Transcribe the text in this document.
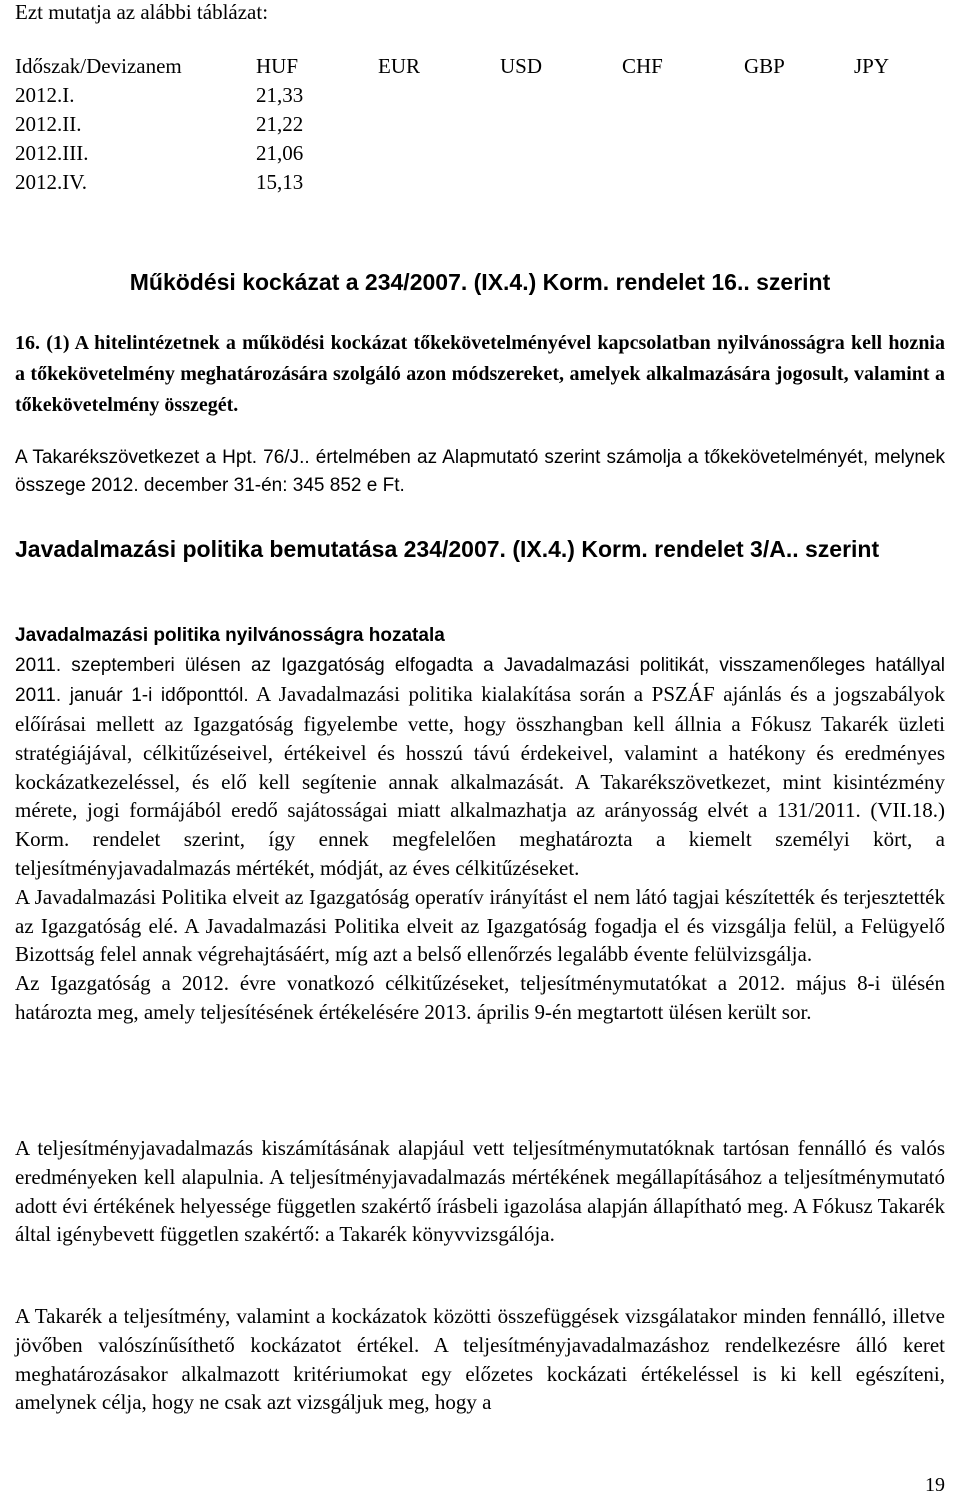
Ezt mutatja az alábbi táblázat:
Időszak/Devizanem	HUF	EUR	USD	CHF	GBP	JPY
2012.I.	21,33					
2012.II.	21,22					
2012.III.	21,06					
2012.IV.	15,13					
Működési kockázat a 234/2007. (IX.4.) Korm. rendelet 16.. szerint
16. (1) A hitelintézetnek a működési kockázat tőkekövetelményével kapcsolatban nyilvánosságra kell hoznia a tőkekövetelmény meghatározására szolgáló azon módszereket, amelyek alkalmazására jogosult, valamint a tőkekövetelmény összegét.
A Takarékszövetkezet a Hpt. 76/J.. értelmében az Alapmutató szerint számolja a tőkekövetelményét, melynek összege 2012. december 31-én: 345 852 e Ft.
Javadalmazási politika bemutatása 234/2007. (IX.4.) Korm. rendelet 3/A.. szerint
Javadalmazási politika nyilvánosságra hozatala
2011. szeptemberi ülésen az Igazgatóság elfogadta a Javadalmazási politikát, visszamenőleges hatállyal 2011. január 1-i időponttól. A Javadalmazási politika kialakítása során a PSZÁF ajánlás és a jogszabályok előírásai mellett az Igazgatóság figyelembe vette, hogy összhangban kell állnia a Fókusz Takarék üzleti stratégiájával, célkitűzéseivel, értékeivel és hosszú távú érdekeivel, valamint a hatékony és eredményes kockázatkezeléssel, és elő kell segítenie annak alkalmazását. A Takarékszövetkezet, mint kisintézmény mérete, jogi formájából eredő sajátosságai miatt alkalmazhatja az arányosság elvét a 131/2011. (VII.18.) Korm. rendelet szerint, így ennek megfelelően meghatározta a kiemelt személyi kört, a teljesítményjavadalmazás mértékét, módját, az éves célkitűzéseket.
A Javadalmazási Politika elveit az Igazgatóság operatív irányítást el nem látó tagjai készítették és terjesztették az Igazgatóság elé. A Javadalmazási Politika elveit az Igazgatóság fogadja el és vizsgálja felül, a Felügyelő Bizottság felel annak végrehajtásáért, míg azt a belső ellenőrzés legalább évente felülvizsgálja.
Az Igazgatóság a 2012. évre vonatkozó célkitűzéseket, teljesítménymutatókat a 2012. május 8-i ülésén határozta meg, amely teljesítésének értékelésére 2013. április 9-én megtartott ülésen került sor.
A teljesítményjavadalmazás kiszámításának alapjául vett teljesítménymutatóknak tartósan fennálló és valós eredményeken kell alapulnia. A teljesítményjavadalmazás mértékének megállapításához a teljesítménymutató adott évi értékének helyessége független szakértő írásbeli igazolása alapján állapítható meg. A Fókusz Takarék által igénybevett független szakértő: a Takarék könyvvizsgálója.
A Takarék a teljesítmény, valamint a kockázatok közötti összefüggések vizsgálatakor minden fennálló, illetve jövőben valószínűsíthető kockázatot értékel. A teljesítményjavadalmazáshoz rendelkezésre álló keret meghatározásakor alkalmazott kritériumokat egy előzetes kockázati értékeléssel is ki kell egészíteni, amelynek célja, hogy ne csak azt vizsgáljuk meg, hogy a
19
